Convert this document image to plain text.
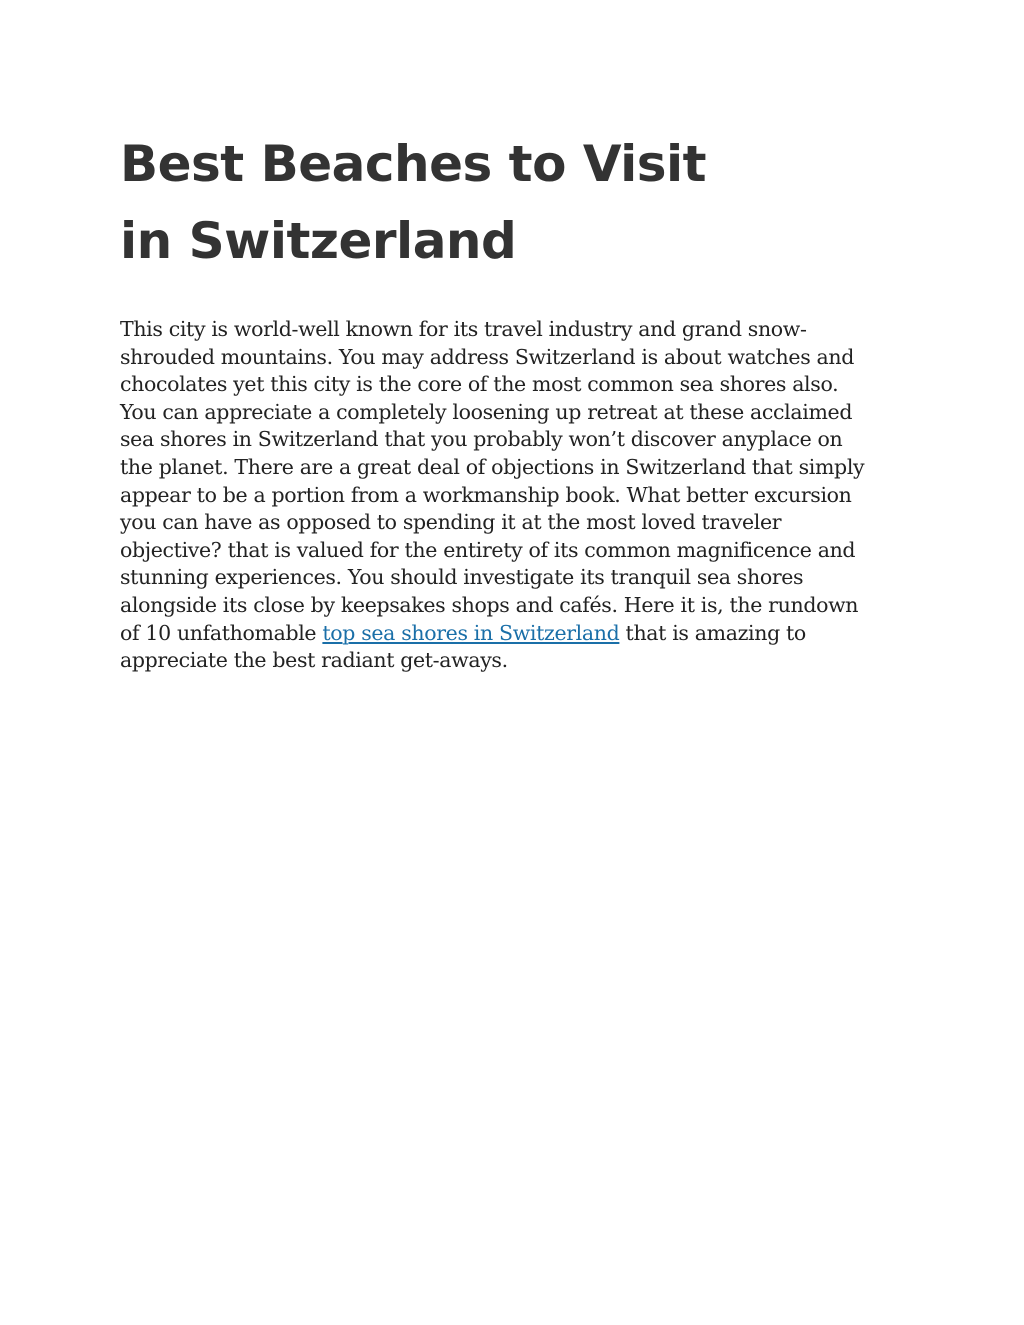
Best Beaches to Visit
in Switzerland

This city is world-well known for its travel industry and grand snow-
shrouded mountains. You may address Switzerland is about watches and
chocolates yet this city is the core of the most common sea shores also.
You can appreciate a completely loosening up retreat at these acclaimed
sea shores in Switzerland that you probably won’t discover anyplace on
the planet. There are a great deal of objections in Switzerland that simply
appear to be a portion from a workmanship book. What better excursion
you can have as opposed to spending it at the most loved traveler
objective? that is valued for the entirety of its common magnificence and
stunning experiences. You should investigate its tranquil sea shores
alongside its close by keepsakes shops and cafés. Here it is, the rundown
of 10 unfathomable top sea shores in Switzerland that is amazing to
appreciate the best radiant get-aways.
